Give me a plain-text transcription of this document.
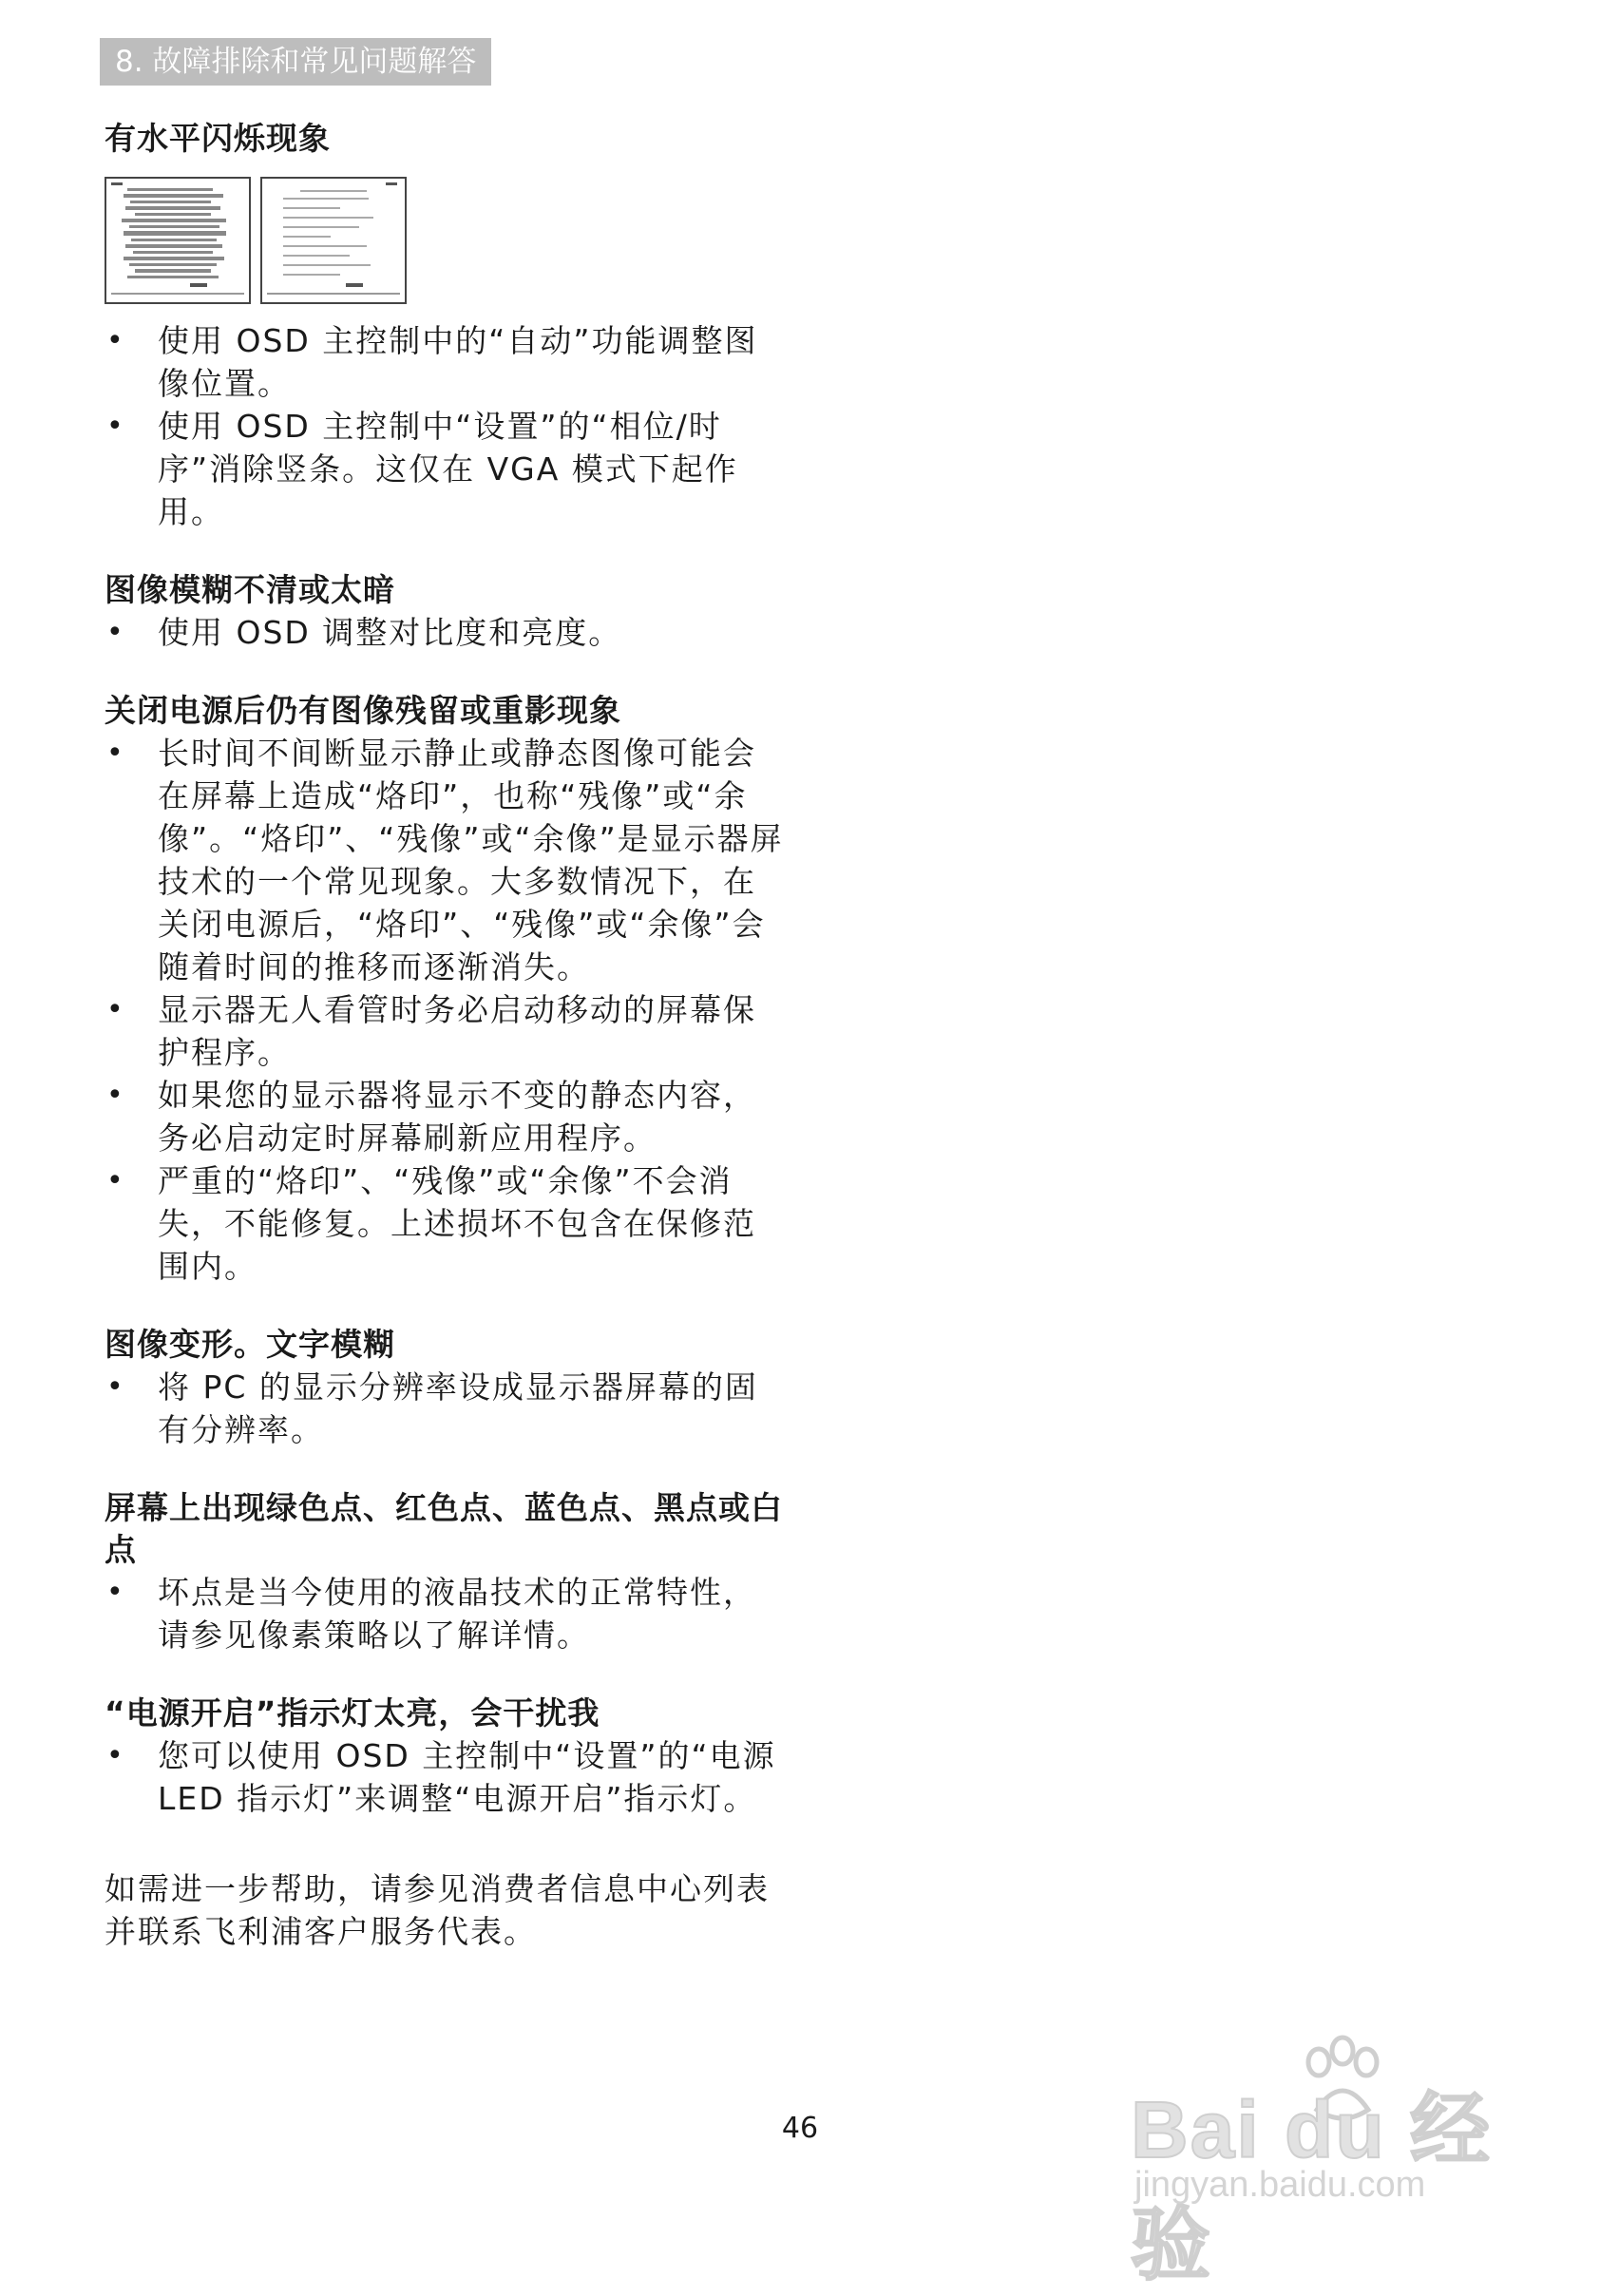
8. 故障排除和常见问题解答
有水平闪烁现象
• 使用 OSD 主控制中的“自动”功能调整图像位置。
• 使用 OSD 主控制中“设置”的“相位/时序”消除竖条。这仅在 VGA 模式下起作用。
图像模糊不清或太暗
• 使用 OSD 调整对比度和亮度。
关闭电源后仍有图像残留或重影现象
• 长时间不间断显示静止或静态图像可能会在屏幕上造成“烙印”，也称“残像”或“余像”。“烙印”、“残像”或“余像”是显示器屏技术的一个常见现象。大多数情况下，在关闭电源后，“烙印”、“残像”或“余像”会随着时间的推移而逐渐消失。
• 显示器无人看管时务必启动移动的屏幕保护程序。
• 如果您的显示器将显示不变的静态内容，务必启动定时屏幕刷新应用程序。
• 严重的“烙印”、“残像”或“余像”不会消失，不能修复。上述损坏不包含在保修范围内。
图像变形。文字模糊
• 将 PC 的显示分辨率设成显示器屏幕的固有分辨率。
屏幕上出现绿色点、红色点、蓝色点、黑点或白点
• 坏点是当今使用的液晶技术的正常特性，请参见像素策略以了解详情。
“电源开启”指示灯太亮，会干扰我
• 您可以使用 OSD 主控制中“设置”的“电源 LED 指示灯”来调整“电源开启”指示灯。

如需进一步帮助，请参见消费者信息中心列表并联系飞利浦客户服务代表。

46	Bai du 经验
jingyan.baidu.com
